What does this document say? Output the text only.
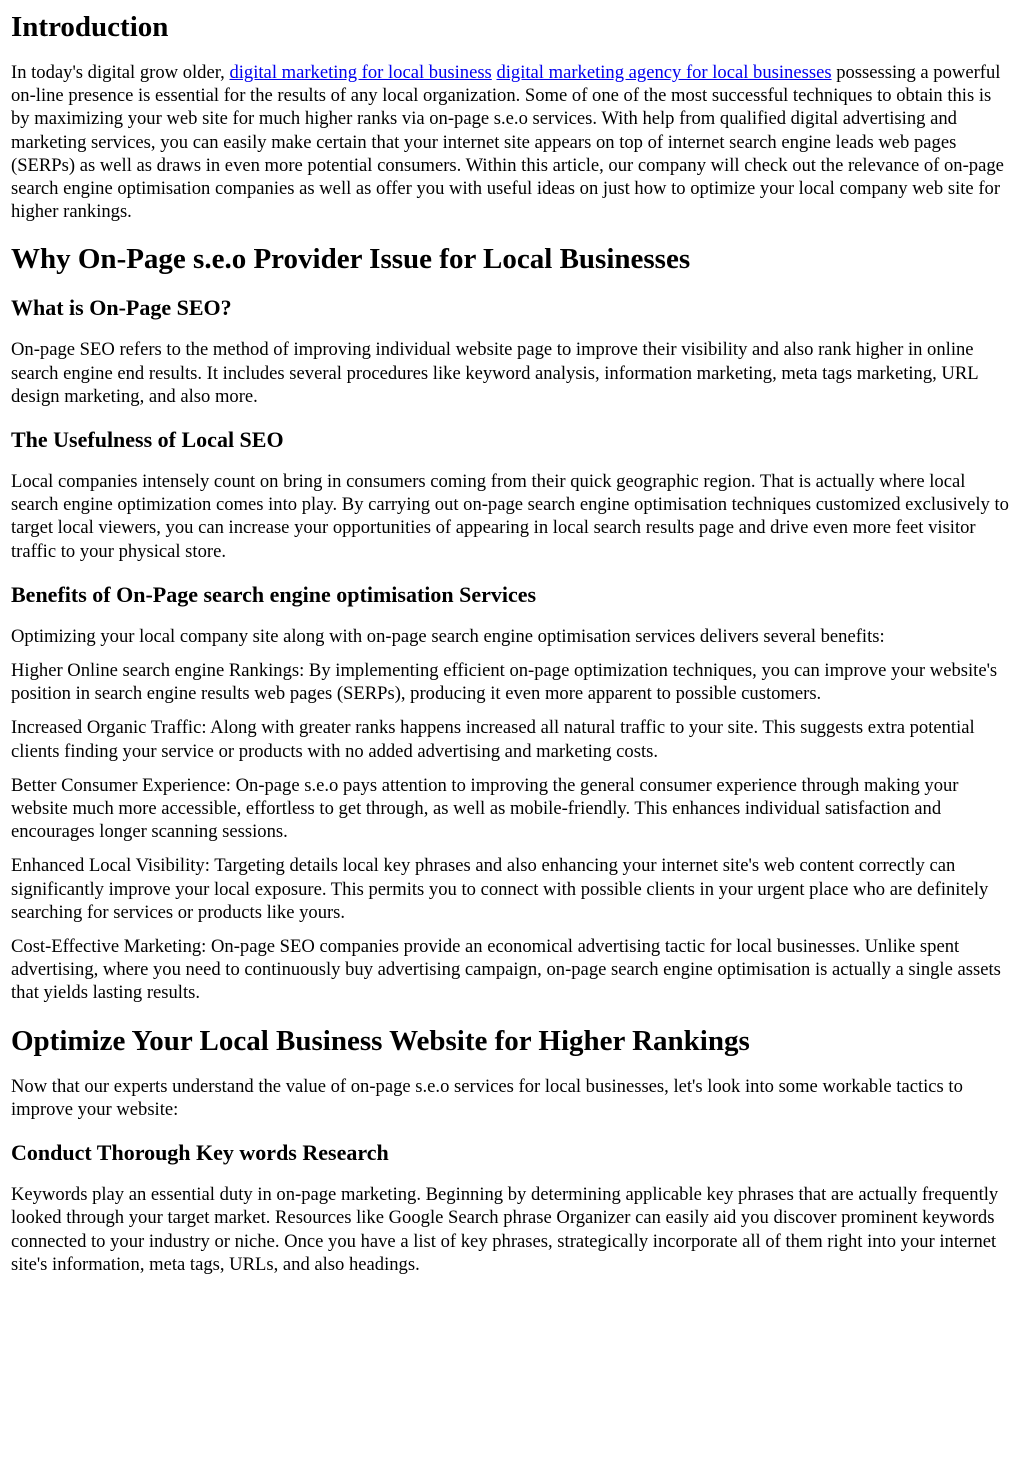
Introduction

In today's digital grow older, digital marketing for local business digital marketing agency for local businesses possessing a powerful on-line presence is essential for the results of any local organization. Some of one of the most successful techniques to obtain this is by maximizing your web site for much higher ranks via on-page s.e.o services. With help from qualified digital advertising and marketing services, you can easily make certain that your internet site appears on top of internet search engine leads web pages (SERPs) as well as draws in even more potential consumers. Within this article, our company will check out the relevance of on-page search engine optimisation companies as well as offer you with useful ideas on just how to optimize your local company web site for higher rankings.

Why On-Page s.e.o Provider Issue for Local Businesses
What is On-Page SEO?

On-page SEO refers to the method of improving individual website page to improve their visibility and also rank higher in online search engine end results. It includes several procedures like keyword analysis, information marketing, meta tags marketing, URL design marketing, and also more.

The Usefulness of Local SEO

Local companies intensely count on bring in consumers coming from their quick geographic region. That is actually where local search engine optimization comes into play. By carrying out on-page search engine optimisation techniques customized exclusively to target local viewers, you can increase your opportunities of appearing in local search results page and drive even more feet visitor traffic to your physical store.

Benefits of On-Page search engine optimisation Services

Optimizing your local company site along with on-page search engine optimisation services delivers several benefits:

Higher Online search engine Rankings: By implementing efficient on-page optimization techniques, you can improve your website's position in search engine results web pages (SERPs), producing it even more apparent to possible customers.

Increased Organic Traffic: Along with greater ranks happens increased all natural traffic to your site. This suggests extra potential clients finding your service or products with no added advertising and marketing costs.

Better Consumer Experience: On-page s.e.o pays attention to improving the general consumer experience through making your website much more accessible, effortless to get through, as well as mobile-friendly. This enhances individual satisfaction and encourages longer scanning sessions.

Enhanced Local Visibility: Targeting details local key phrases and also enhancing your internet site's web content correctly can significantly improve your local exposure. This permits you to connect with possible clients in your urgent place who are definitely searching for services or products like yours.

Cost-Effective Marketing: On-page SEO companies provide an economical advertising tactic for local businesses. Unlike spent advertising, where you need to continuously buy advertising campaign, on-page search engine optimisation is actually a single assets that yields lasting results.

Optimize Your Local Business Website for Higher Rankings

Now that our experts understand the value of on-page s.e.o services for local businesses, let's look into some workable tactics to improve your website:

Conduct Thorough Key words Research

Keywords play an essential duty in on-page marketing. Beginning by determining applicable key phrases that are actually frequently looked through your target market. Resources like Google Search phrase Organizer can easily aid you discover prominent keywords connected to your industry or niche. Once you have a list of key phrases, strategically incorporate all of them right into your internet site's information, meta tags, URLs, and also headings.
